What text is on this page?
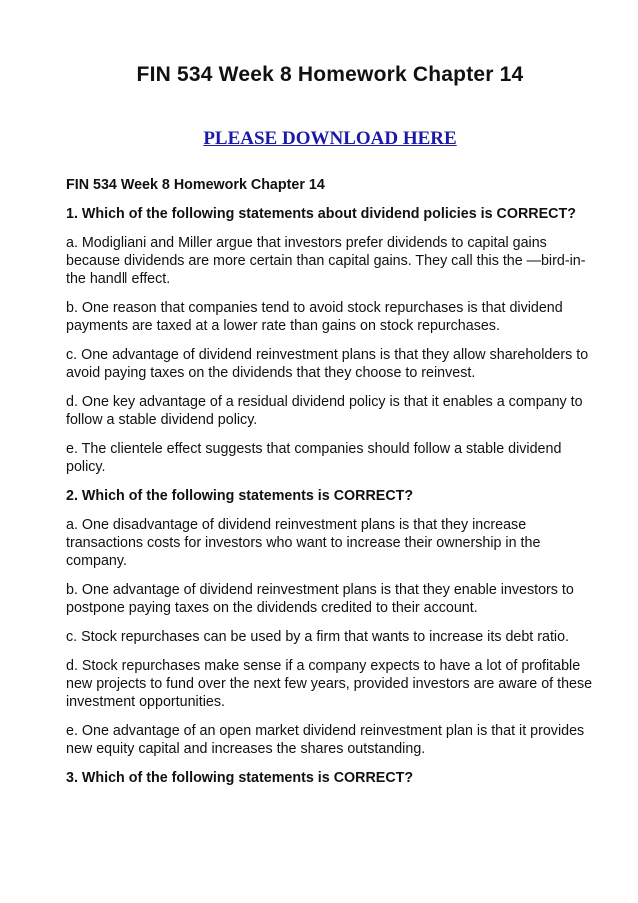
FIN 534 Week 8 Homework Chapter 14
PLEASE DOWNLOAD HERE

FIN 534 Week 8 Homework Chapter 14

1. Which of the following statements about dividend policies is CORRECT?

a. Modigliani and Miller argue that investors prefer dividends to capital gains because dividends are more certain than capital gains. They call this the —bird-in-the hand‖ effect.

b. One reason that companies tend to avoid stock repurchases is that dividend payments are taxed at a lower rate than gains on stock repurchases.

c. One advantage of dividend reinvestment plans is that they allow shareholders to avoid paying taxes on the dividends that they choose to reinvest.

d. One key advantage of a residual dividend policy is that it enables a company to follow a stable dividend policy.

e. The clientele effect suggests that companies should follow a stable dividend policy.

2. Which of the following statements is CORRECT?

a. One disadvantage of dividend reinvestment plans is that they increase transactions costs for investors who want to increase their ownership in the company.

b. One advantage of dividend reinvestment plans is that they enable investors to postpone paying taxes on the dividends credited to their account.

c. Stock repurchases can be used by a firm that wants to increase its debt ratio.

d. Stock repurchases make sense if a company expects to have a lot of profitable new projects to fund over the next few years, provided investors are aware of these investment opportunities.

e. One advantage of an open market dividend reinvestment plan is that it provides new equity capital and increases the shares outstanding.

3. Which of the following statements is CORRECT?
